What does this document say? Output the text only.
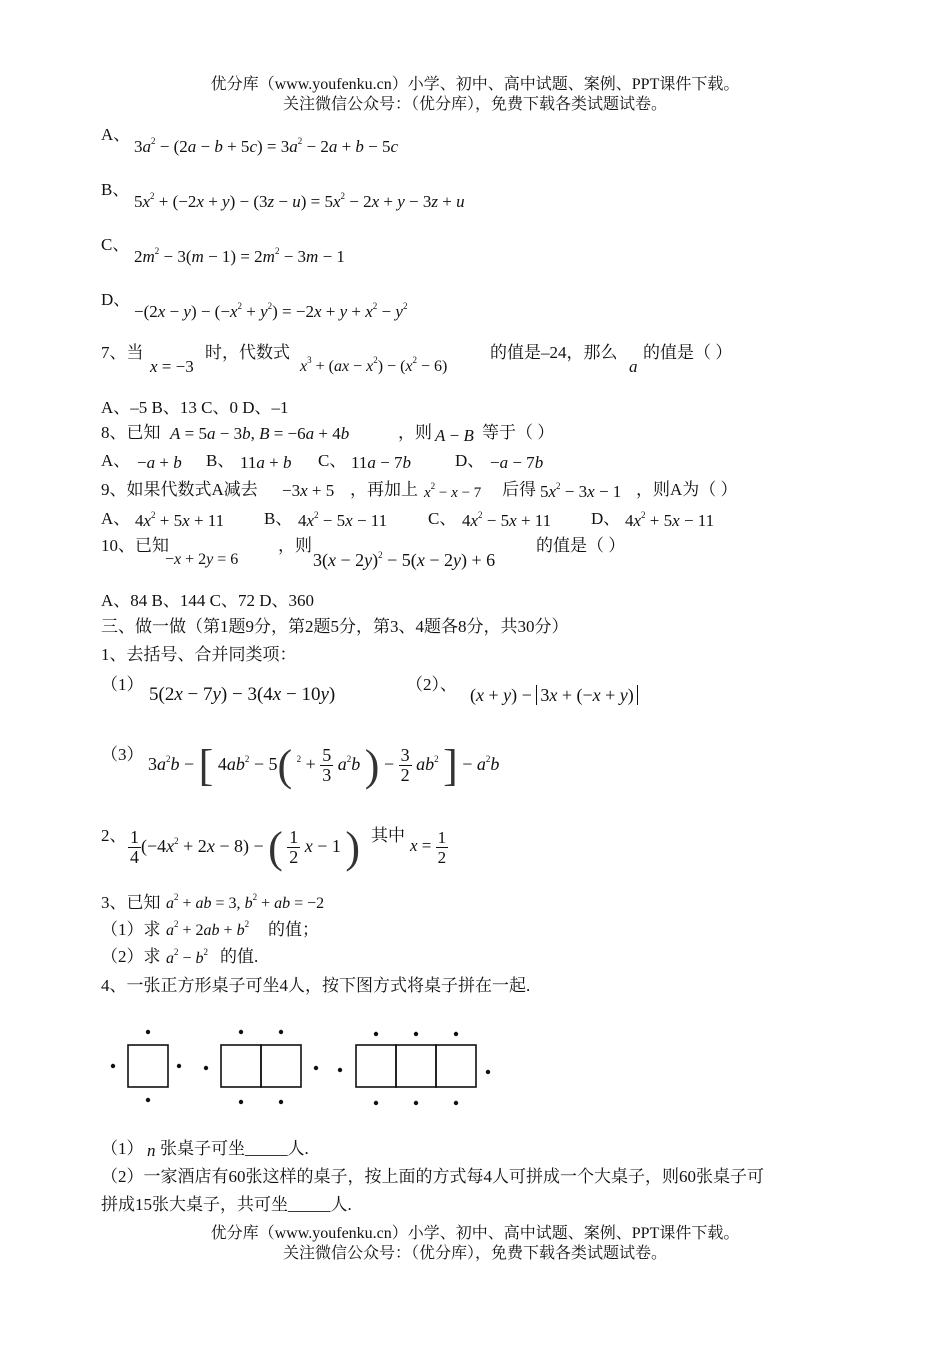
优分库（www.youfenku.cn）小学、初中、高中试题、案例、PPT课件下载。
关注微信公众号：（优分库），免费下载各类试题试卷。
A、
$3a^2 - (2a - b + 5c) = 3a^2 - 2a + b - 5c$
B、
$5x^2 + (-2x + y) - (3z - u) = 5x^2 - 2x + y - 3z + u$
C、
$2m^2 - 3(m - 1) = 2m^2 - 3m - 1$
D、
$-(2x - y) - (-x^2 + y^2) = -2x + y + x^2 - y^2$
7、当
x = −3
时，代数式
$x^3 + (ax - x^2) - (x^2 - 6)$
的值是–24，那么
a
的值是（ ）
A、–5 B、13 C、0 D、–1
8、已知 A = 5a − 3b, B = −6a + 4b	，则 A − B 等于（ ）
A、 −a + b B、 11a + b C、 11a − 7b	D、 −a − 7b
9、如果代数式A减去 −3x + 5 ，再加上 $x^2 - x - 7$ 后得 $5x^2 - 3x - 1$ ，则A为（ ）
A、 $4x^2 + 5x + 11$ B、 $4x^2 - 5x - 11$ C、 $4x^2 - 5x + 11$ D、 $4x^2 + 5x - 11$
10、已知
−x + 2y = 6
，则
$3(x - 2y)^2 - 5(x - 2y) + 6$
的值是（ ）
A、84 B、144 C、72 D、360
三、做一做（第1题9分，第2题5分，第3、4题各8分，共30分）
1、去括号、合并同类项：
（1） 5(2x − 7y) − 3(4x − 10y)	（2）、
(x + y) − 3x + (−x + y)
（3） $3a^2b$ − [ $4ab^2 - 5$( $^2 + \frac{5}{3} a^2b$ ) − $\frac{3}{2} ab^2$ ] − $a^2b$
2、 $\frac{1}{4} (-4x^2 + 2x - 8)$ − ( $\frac{1}{2}$ x − 1 ) 其中
$x = \frac{1}{2}$
3、已知 $a^2$ + ab = 3, $b^2$ + ab = −2
（1）求 $a^2 + 2ab + b^2$ 的值；
（2）求 $a^2 - b^2$ 的值.
4、一张正方形桌子可坐4人，按下图方式将桌子拼在一起.
（1） n 张桌子可坐_____人.
（2）一家酒店有60张这样的桌子，按上面的方式每4人可拼成一个大桌子，则60张桌子可
拼成15张大桌子，共可坐_____人.
优分库（www.youfenku.cn）小学、初中、高中试题、案例、PPT课件下载。
关注微信公众号：（优分库），免费下载各类试题试卷。
